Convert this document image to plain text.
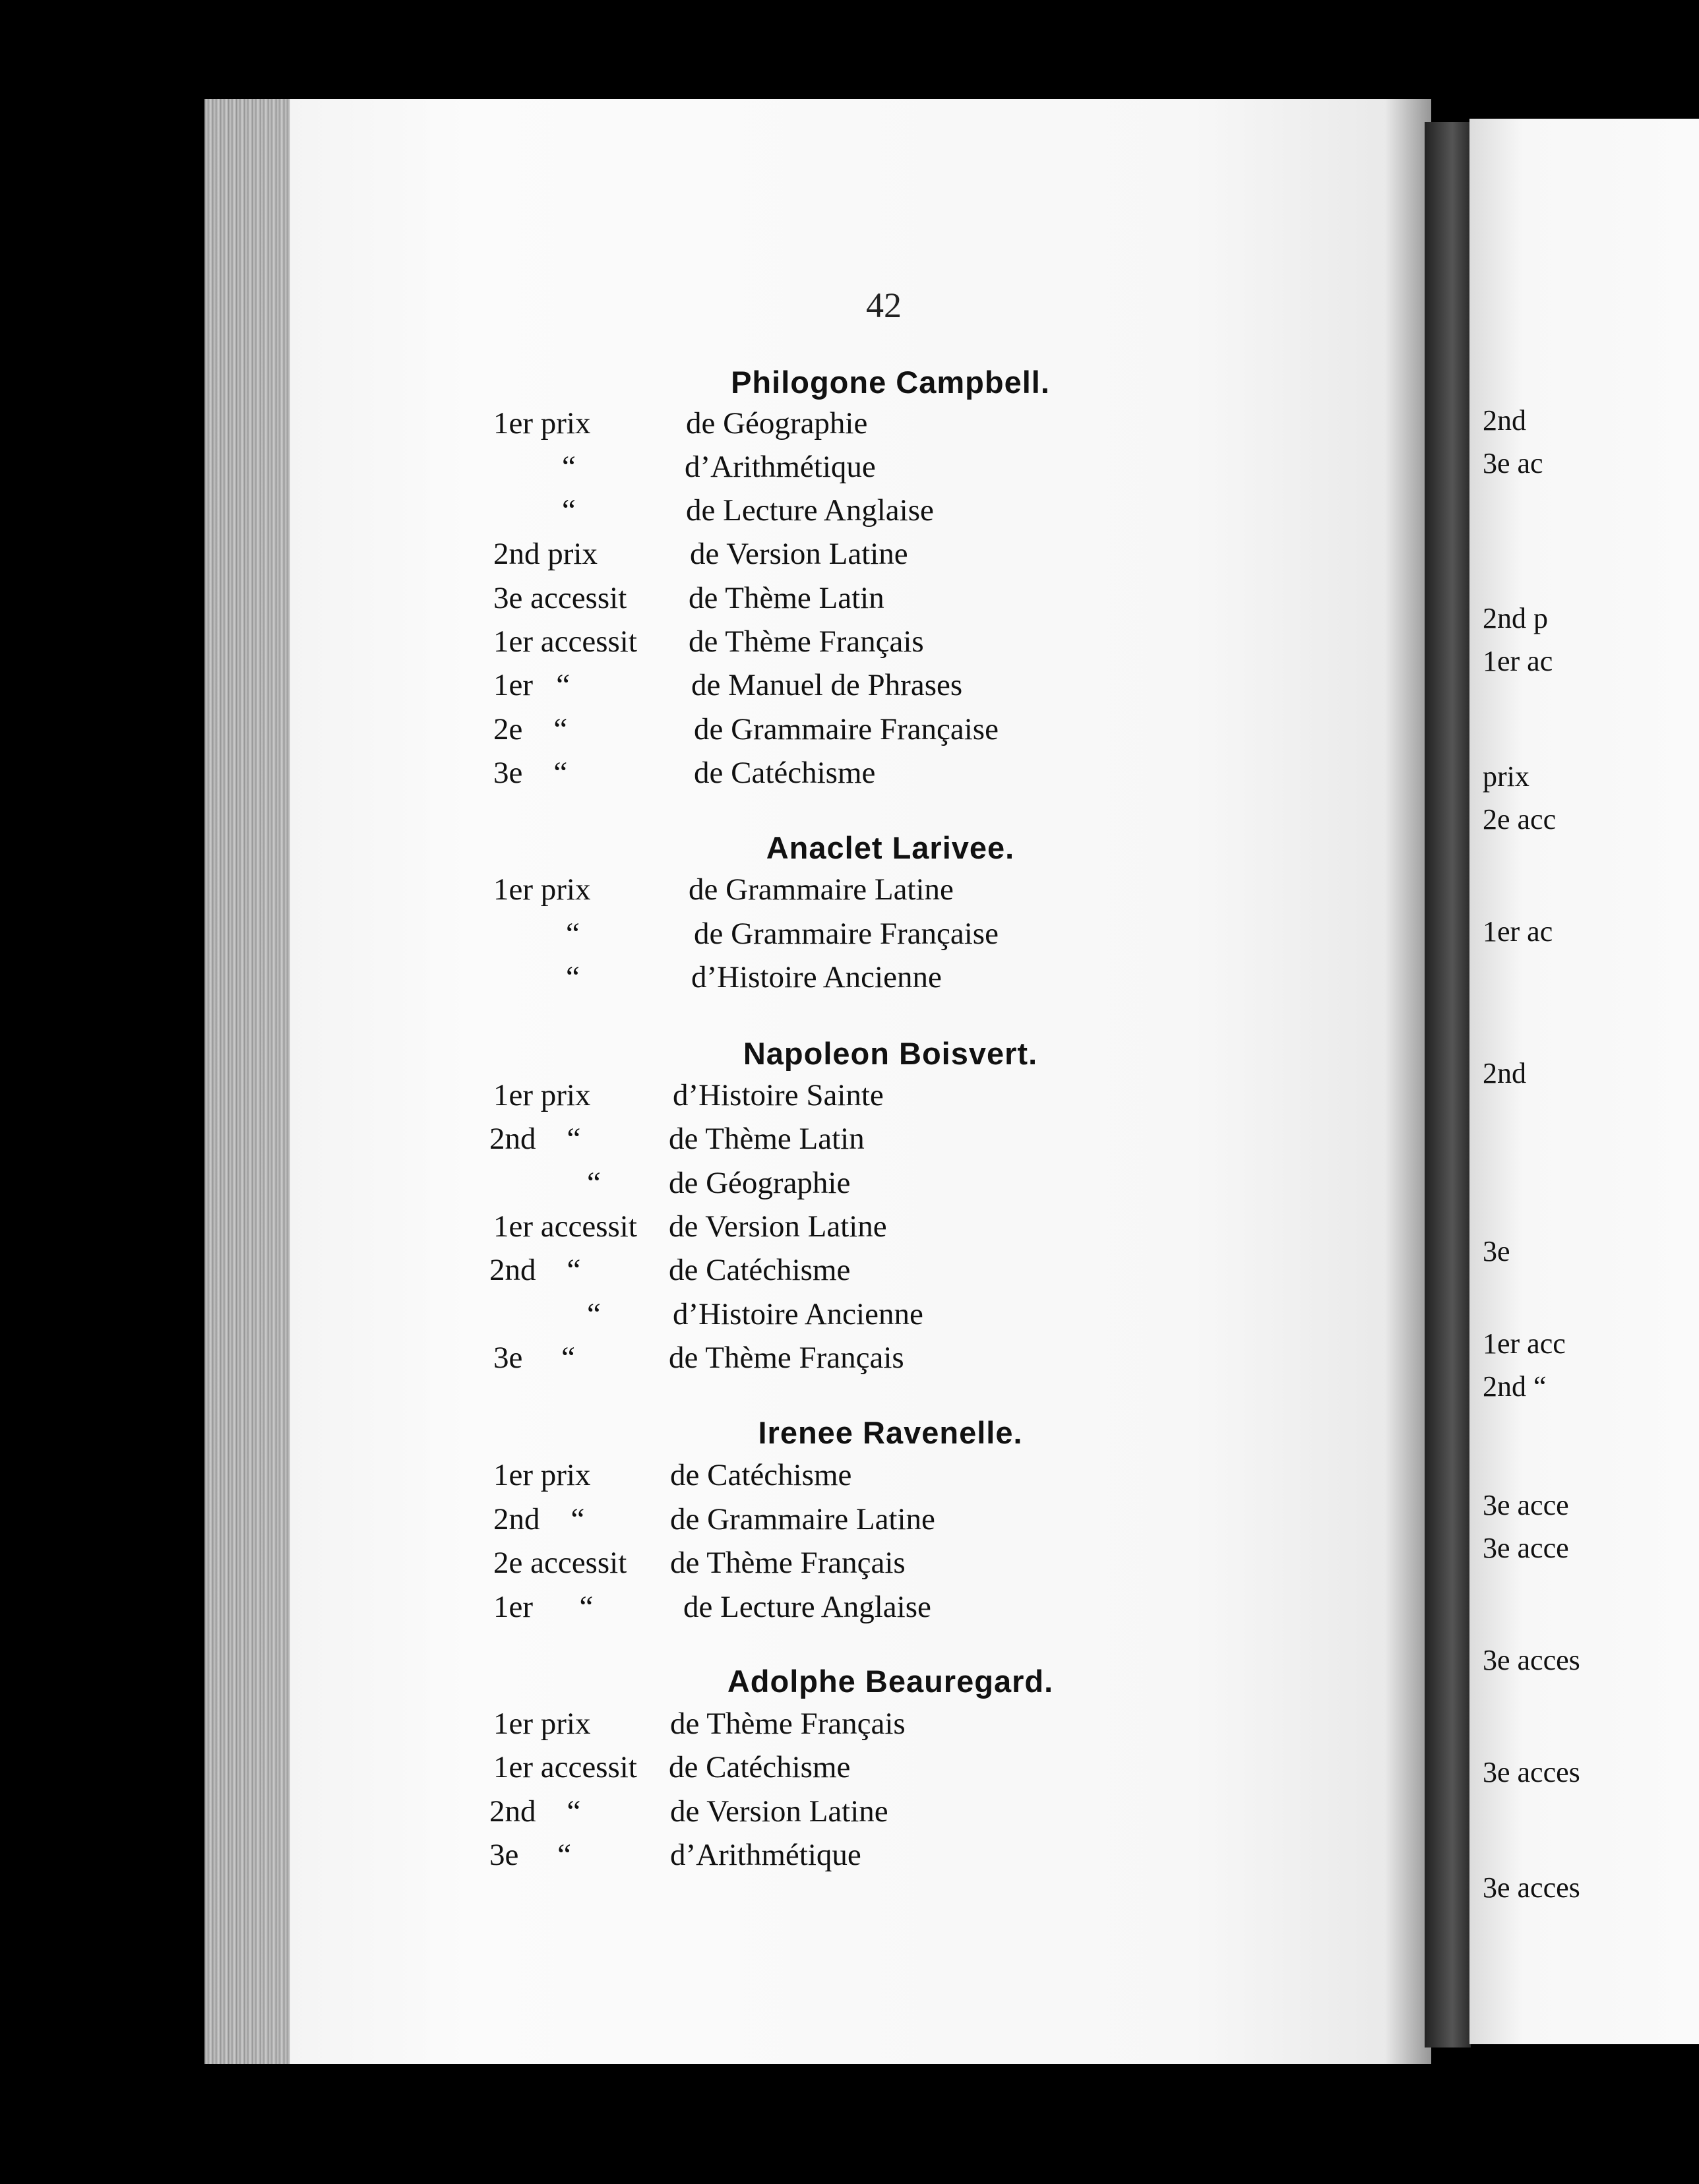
2nd
3e ac
2nd p
1er ac
prix
2e acc
1er ac
2nd
3e
1er acc
2nd “
3e acce
3e acce
3e acces
3e acces
3e acces
42
Philogone Campbell.
1er prix	de Géographie
“	d’Arithmétique
“	de Lecture Anglaise
2nd prix	de Version Latine
3e accessit de Thème Latin
1er accessit de Thème Français
1er   “	de Manuel de Phrases
2e    “	de Grammaire Française
3e    “	de Catéchisme
Anaclet Larivee.
1er prix	de Grammaire Latine
“	de Grammaire Française
“	d’Histoire Ancienne
Napoleon Boisvert.
1er prix	d’Histoire Sainte
2nd    “	de Thème Latin
“ de Géographie
1er accessit de Version Latine
2nd    “	de Catéchisme
“ d’Histoire Ancienne
3e     “	de Thème Français
Irenee Ravenelle.
1er prix	de Catéchisme
2nd    “	de Grammaire Latine
2e accessit de Thème Français
1er      “	de Lecture Anglaise
Adolphe Beauregard.
1er prix	de Thème Français
1er accessit de Catéchisme
2nd    “	de Version Latine
3e     “	d’Arithmétique
